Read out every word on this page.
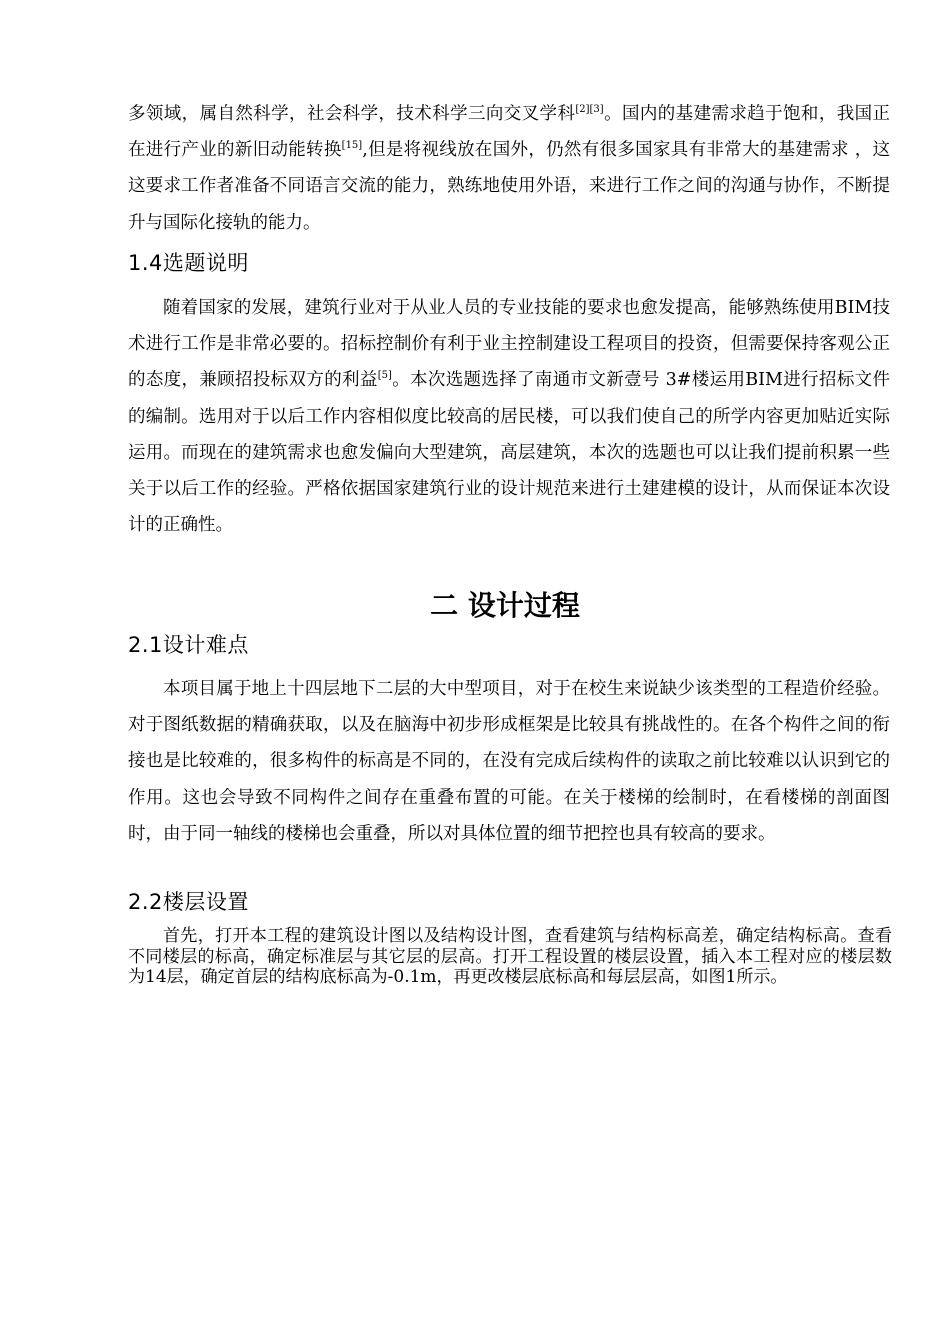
多领域，属自然科学，社会科学，技术科学三向交叉学科[2][3]。国内的基建需求趋于饱和，我国正在进行产业的新旧动能转换[15],但是将视线放在国外，仍然有很多国家具有非常大的基建需求 ，这这要求工作者准备不同语言交流的能力，熟练地使用外语，来进行工作之间的沟通与协作，不断提升与国际化接轨的能力。

1.4选题说明

随着国家的发展，建筑行业对于从业人员的专业技能的要求也愈发提高，能够熟练使用BIM技术进行工作是非常必要的。招标控制价有利于业主控制建设工程项目的投资，但需要保持客观公正的态度，兼顾招投标双方的利益[5]。本次选题选择了南通市文新壹号 3#楼运用BIM进行招标文件的编制。选用对于以后工作内容相似度比较高的居民楼，可以我们使自己的所学内容更加贴近实际运用。而现在的建筑需求也愈发偏向大型建筑，高层建筑，本次的选题也可以让我们提前积累一些关于以后工作的经验。严格依据国家建筑行业的设计规范来进行土建建模的设计，从而保证本次设计的正确性。

二 设计过程
2.1设计难点

本项目属于地上十四层地下二层的大中型项目，对于在校生来说缺少该类型的工程造价经验。对于图纸数据的精确获取，以及在脑海中初步形成框架是比较具有挑战性的。在各个构件之间的衔接也是比较难的，很多构件的标高是不同的，在没有完成后续构件的读取之前比较难以认识到它的作用。这也会导致不同构件之间存在重叠布置的可能。在关于楼梯的绘制时，在看楼梯的剖面图时，由于同一轴线的楼梯也会重叠，所以对具体位置的细节把控也具有较高的要求。

2.2楼层设置

首先，打开本工程的建筑设计图以及结构设计图，查看建筑与结构标高差，确定结构标高。查看不同楼层的标高，确定标准层与其它层的层高。打开工程设置的楼层设置，插入本工程对应的楼层数为14层，确定首层的结构底标高为-0.1m，再更改楼层底标高和每层层高，如图1所示。
